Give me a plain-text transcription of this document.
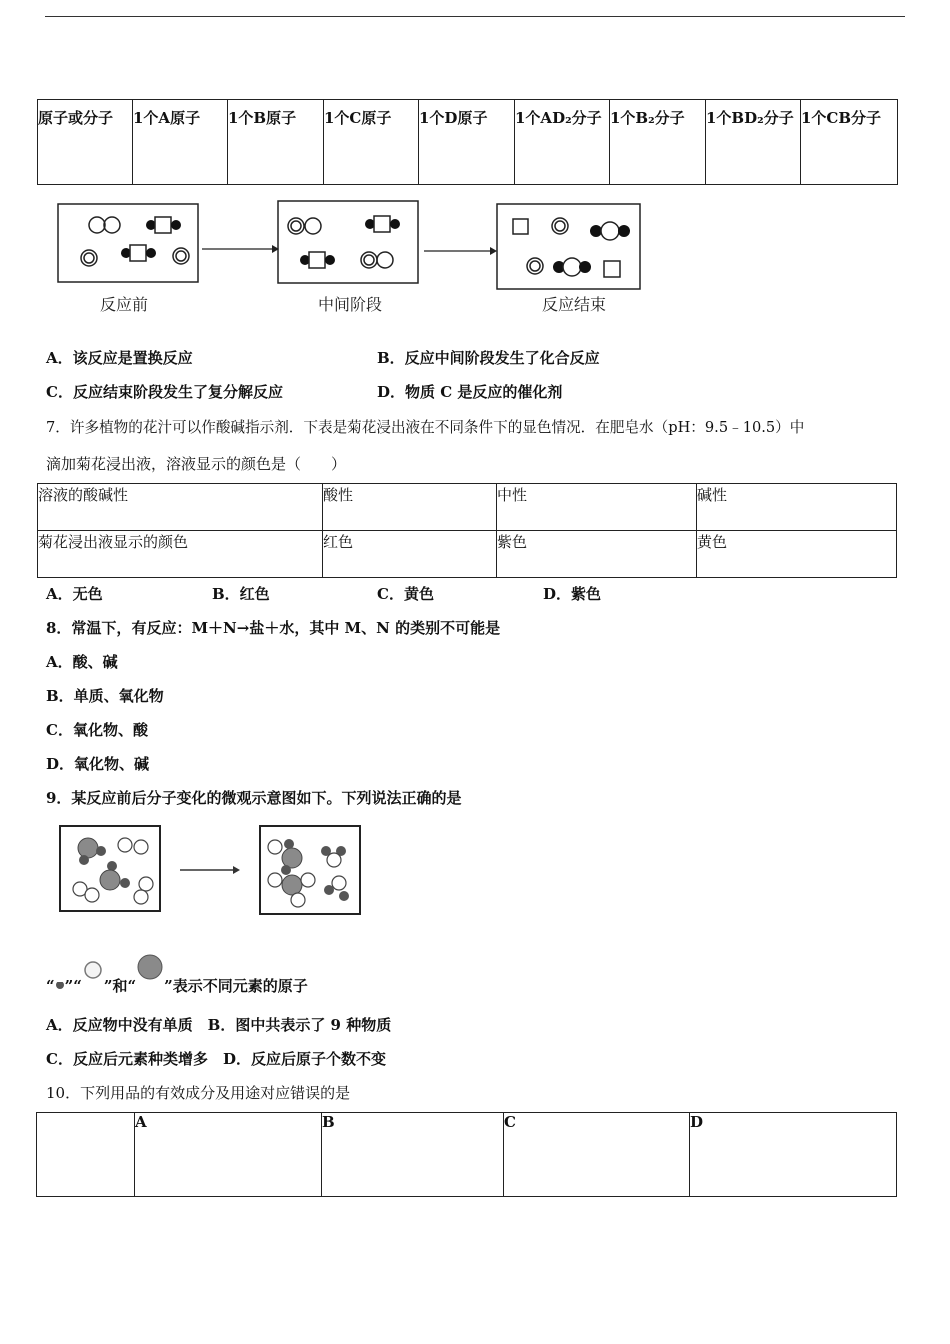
原子或分子	1个A原子	1个B原子	1个C原子	1个D原子	1个AD₂分子	1个B₂分子	1个BD₂分子	1个CB分子
反应前	中间阶段	反应结束
A．该反应是置换反应	B．反应中间阶段发生了化合反应
C．反应结束阶段发生了复分解反应	D．物质 C 是反应的催化剂
7．许多植物的花汁可以作酸碱指示剂．下表是菊花浸出液在不同条件下的显色情况．在肥皂水（pH：9.5﹣10.5）中
滴加菊花浸出液，溶液显示的颜色是（　　）
溶液的酸碱性	酸性	中性	碱性
菊花浸出液显示的颜色	红色	紫色	黄色
A．无色	B．红色	C．黄色	D．紫色
8．常温下，有反应：M＋N→盐＋水，其中 M、N 的类别不可能是
A．酸、碱
B．单质、氧化物
C．氧化物、酸
D．氧化物、碱
9．某反应前后分子变化的微观示意图如下。下列说法正确的是
“ ”“ ”和“ ”表示不同元素的原子
A．反应物中没有单质　B．图中共表示了 9 种物质
C．反应后元素种类增多　D．反应后原子个数不变
10．下列用品的有效成分及用途对应错误的是
	A	B	C	D
